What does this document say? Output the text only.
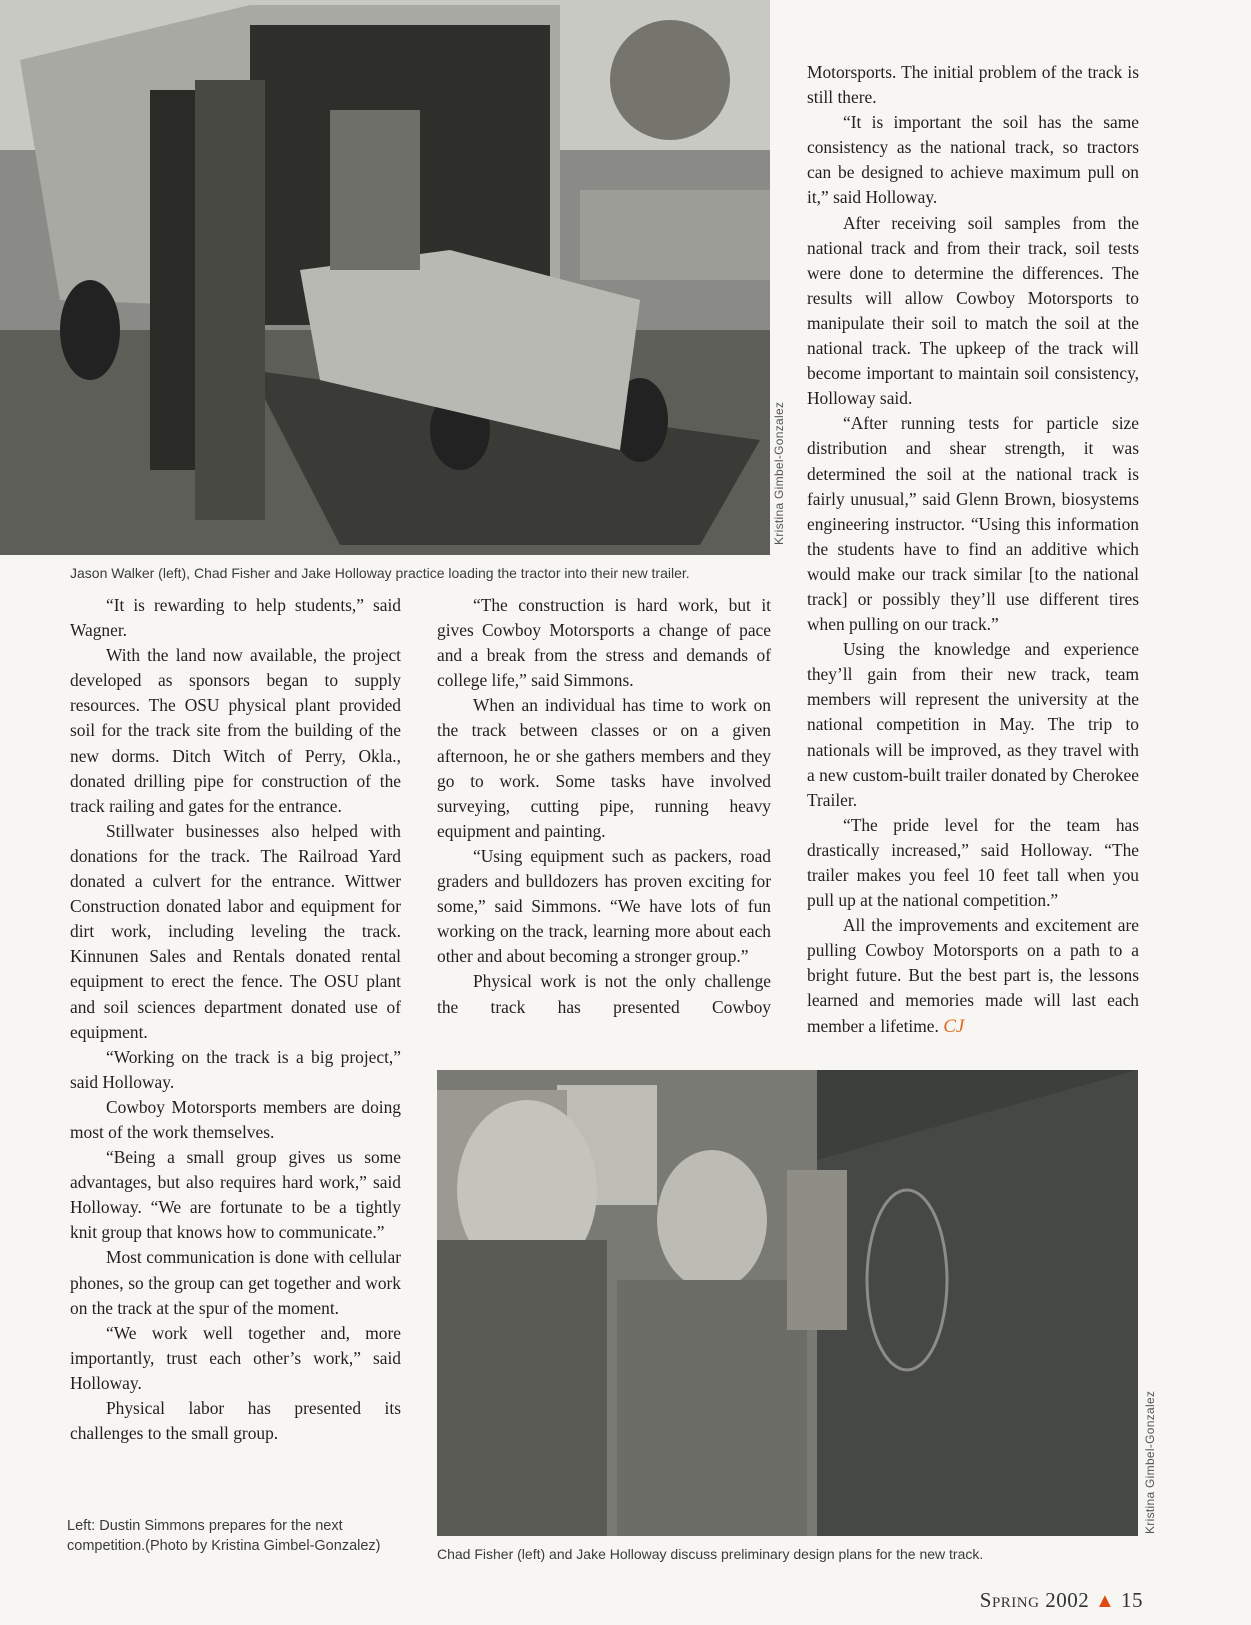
Kristina Gimbel-Gonzalez
Jason Walker (left), Chad Fisher and Jake Holloway practice loading the tractor into their new trailer.

“It is rewarding to help students,” said Wagner.

With the land now available, the project developed as sponsors began to supply resources. The OSU physical plant provided soil for the track site from the building of the new dorms. Ditch Witch of Perry, Okla., donated drilling pipe for construction of the track railing and gates for the entrance.

Stillwater businesses also helped with donations for the track. The Railroad Yard donated a culvert for the entrance. Wittwer Construction donated labor and equipment for dirt work, including leveling the track. Kinnunen Sales and Rentals donated rental equipment to erect the fence. The OSU plant and soil sciences department donated use of equipment.

“Working on the track is a big project,” said Holloway.

Cowboy Motorsports members are doing most of the work themselves.

“Being a small group gives us some advantages, but also requires hard work,” said Holloway. “We are fortunate to be a tightly knit group that knows how to communicate.”

Most communication is done with cellular phones, so the group can get together and work on the track at the spur of the moment.

“We work well together and, more importantly, trust each other’s work,” said Holloway.

Physical labor has presented its challenges to the small group.

Left: Dustin Simmons prepares for the next competition.(Photo by Kristina Gimbel-Gonzalez)

“The construction is hard work, but it gives Cowboy Motorsports a change of pace and a break from the stress and demands of college life,” said Simmons.

When an individual has time to work on the track between classes or on a given afternoon, he or she gathers members and they go to work. Some tasks have involved surveying, cutting pipe, running heavy equipment and painting.

“Using equipment such as packers, road graders and bulldozers has proven exciting for some,” said Simmons. “We have lots of fun working on the track, learning more about each other and about becoming a stronger group.”

Physical work is not the only challenge the track has presented Cowboy

Motorsports. The initial problem of the track is still there.

“It is important the soil has the same consistency as the national track, so tractors can be designed to achieve maximum pull on it,” said Holloway.

After receiving soil samples from the national track and from their track, soil tests were done to determine the differences. The results will allow Cowboy Motorsports to manipulate their soil to match the soil at the national track. The upkeep of the track will become important to maintain soil consistency, Holloway said.

“After running tests for particle size distribution and shear strength, it was determined the soil at the national track is fairly unusual,” said Glenn Brown, biosystems engineering instructor. “Using this information the students have to find an additive which would make our track similar [to the national track] or possibly they’ll use different tires when pulling on our track.”

Using the knowledge and experience they’ll gain from their new track, team members will represent the university at the national competition in May. The trip to nationals will be improved, as they travel with a new custom-built trailer donated by Cherokee Trailer.

“The pride level for the team has drastically increased,” said Holloway. “The trailer makes you feel 10 feet tall when you pull up at the national competition.”

All the improvements and excitement are pulling Cowboy Motorsports on a path to a bright future. But the best part is, the lessons learned and memories made will last each member a lifetime. CJ

Kristina Gimbel-Gonzalez
Chad Fisher (left) and Jake Holloway discuss preliminary design plans for the new track.
Spring 2002 ▲ 15
